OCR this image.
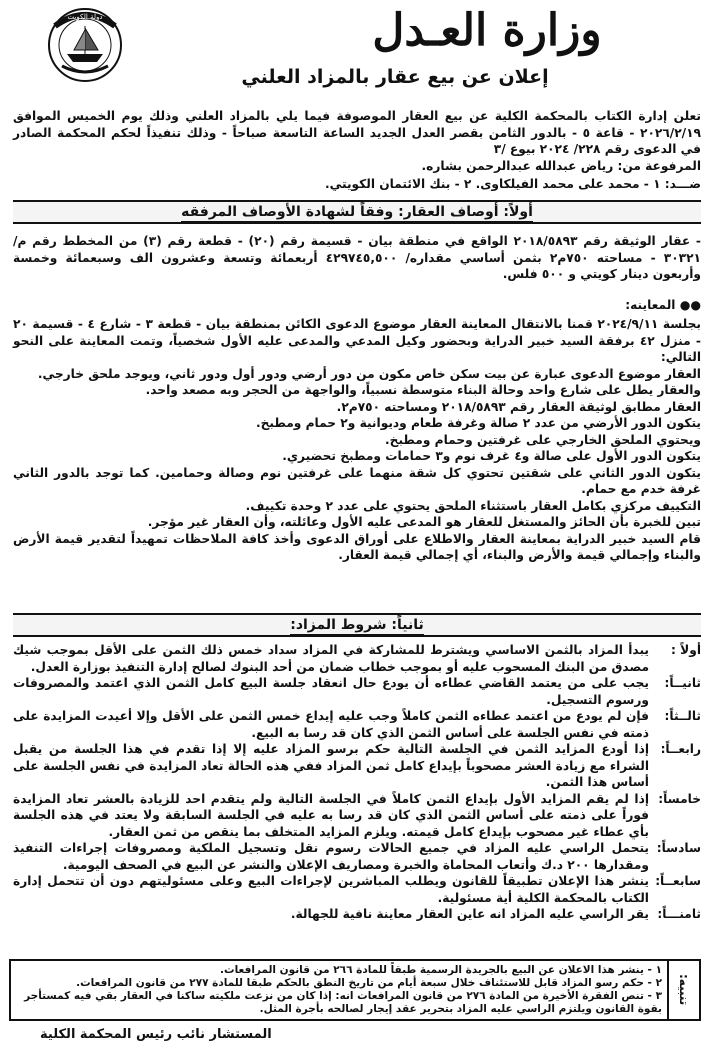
دولة الكويت	وزارة العـدل
إعلان عن بيع عقار بالمزاد العلني
تعلن إدارة الكتاب بالمحكمة الكلية عن بيع العقار الموصوفة فيما يلي بالمزاد العلني وذلك يوم الخميس الموافق ٢٠٢٦/٢/١٩ - قاعة ٥ - بالدور الثامن بقصر العدل الجديد الساعة التاسعة صباحاً - وذلك تنفيذاً لحكم المحكمة الصادر في الدعوى رقم ٢٢٨/ ٢٠٢٤ بيوع /٣
المرفوعة من: رياض عبدالله عبدالرحمن بشاره.
ضـــد: ١ - محمد على محمد الفيلكاوى. ٢ - بنك الائتمان الكويتي.
أولاً: أوصاف العقار: وفقاً لشهادة الأوصاف المرفقه
- عقار الوثيقة رقم ٢٠١٨/٥٨٩٣ الواقع في منطقة بيان - قسيمة رقم (٢٠) - قطعة رقم (٣) من المخطط رقم م/٣٠٣٢١ - مساحته ٧٥٠م٢ بثمن أساسي مقداره/ ٤٢٩٧٤٥,٥٠٠ أربعمائة وتسعة وعشرون الف وسبعمائة وخمسة وأربعون دينار كويتي و ٥٠٠ فلس.
●● المعاينه:
بجلسة ٢٠٢٤/٩/١١ قمنا بالانتقال المعاينة العقار موضوع الدعوى الكائن بمنطقة بيان - قطعة ٣ - شارع ٤ - قسيمة ٢٠ - منزل ٤٢ برفقة السيد خبير الدراية وبحضور وكيل المدعي والمدعى عليه الأول شخصياً، وتمت المعاينة على النحو التالي:
العقار موضوع الدعوى عبارة عن بيت سكن خاص مكون من دور أرضي ودور أول ودور ثاني، ويوجد ملحق خارجي.
والعقار يطل على شارع واحد وحالة البناء متوسطة نسبياً، والواجهة من الحجر وبه مصعد واحد.
العقار مطابق لوثيقة العقار رقم ٢٠١٨/٥٨٩٣ ومساحته ٧٥٠م٢.
يتكون الدور الأرضي من عدد ٢ صالة وغرفة طعام وديوانية و٢ حمام ومطبخ.
ويحتوي الملحق الخارجي على غرفتين وحمام ومطبخ.
يتكون الدور الأول على صالة و٤ غرف نوم و٣ حمامات ومطبخ تحضيري.
يتكون الدور الثاني على شقتين تحتوي كل شقة منهما على غرفتين نوم وصالة وحمامين. كما توجد بالدور الثاني غرفة خدم مع حمام.
التكييف مركزي بكامل العقار باستثناء الملحق يحتوي على عدد ٢ وحدة تكييف.
تبين للخبرة بأن الحائز والمستغل للعقار هو المدعى عليه الأول وعائلته، وأن العقار غير مؤجر.
قام السيد خبير الدراية بمعاينة العقار والاطلاع على أوراق الدعوى وأخذ كافة الملاحظات تمهيداً لتقدير قيمة الأرض والبناء وإجمالي قيمة والأرض والبناء، أي إجمالي قيمة العقار.
ثانياً: شروط المزاد:
أولاً :
يبدأ المزاد بالثمن الاساسي ويشترط للمشاركة في المزاد سداد خمس ذلك الثمن على الأقل بموجب شيك مصدق من البنك المسحوب عليه أو بموجب خطاب ضمان من أحد البنوك لصالح إدارة التنفيذ بوزارة العدل.
ثانيــاً:
يجب على من يعتمد القاضي عطاءه أن يودع حال انعقاد جلسة البيع كامل الثمن الذي اعتمد والمصروفات ورسوم التسجيل.
ثالــثاً:
فإن لم يودع من اعتمد عطاءه الثمن كاملاً وجب عليه إيداع خمس الثمن على الأقل وإلا أعيدت المزايدة على ذمته في نفس الجلسة على أساس الثمن الذي كان قد رسا به البيع.
رابعــاً:
إذا أودع المزايد الثمن في الجلسة التالية حكم برسو المزاد عليه إلا إذا تقدم في هذا الجلسة من يقبل الشراء مع زيادة العشر مصحوباً بإيداع كامل ثمن المزاد ففي هذه الحالة تعاد المزايدة في نفس الجلسة على أساس هذا الثمن.
خامساً:
إذا لم يقم المزايد الأول بإيداع الثمن كاملاً في الجلسة التالية ولم يتقدم احد للزيادة بالعشر تعاد المزايدة فوراً على ذمته على أساس الثمن الذي كان قد رسا به عليه في الجلسة السابقة ولا يعتد في هذه الجلسة بأي عطاء غير مصحوب بإيداع كامل قيمته. ويلزم المزايد المتخلف بما ينقص من ثمن العقار.
سادساً:
يتحمل الراسي عليه المزاد في جميع الحالات رسوم نقل وتسجيل الملكية ومصروفات إجراءات التنفيذ ومقدارها ٢٠٠ د.ك وأتعاب المحاماة والخبرة ومصاريف الإعلان والنشر عن البيع في الصحف اليومية.
سابعــاً:
ينشر هذا الإعلان تطبيقاً للقانون ويطلب المباشرين لإجراءات البيع وعلى مسئوليتهم دون أن تتحمل إدارة الكتاب بالمحكمة الكلية أية مسئولية.
ثامنـــاً:
يقر الراسي عليه المزاد انه عاين العقار معاينة نافية للجهالة.
تنبيه:
١ - ينشر هذا الاعلان عن البيع بالجريدة الرسمية طبقاً للمادة ٢٦٦ من قانون المرافعات.
٢ - حكم رسو المزاد قابل للاستئناف خلال سبعة أيام من تاريخ النطق بالحكم طبقا للمادة ٢٧٧ من قانون المرافعات.
٣ - تنص الفقرة الأخيرة من المادة ٢٧٦ من قانون المرافعات انه: إذا كان من نزعت ملكيته ساكنا في العقار بقي فيه كمستأجر بقوة القانون ويلتزم الراسي عليه المزاد بتحرير عقد إيجار لصالحه بأجرة المثل.
المستشار نائب رئيس المحكمة الكلية
